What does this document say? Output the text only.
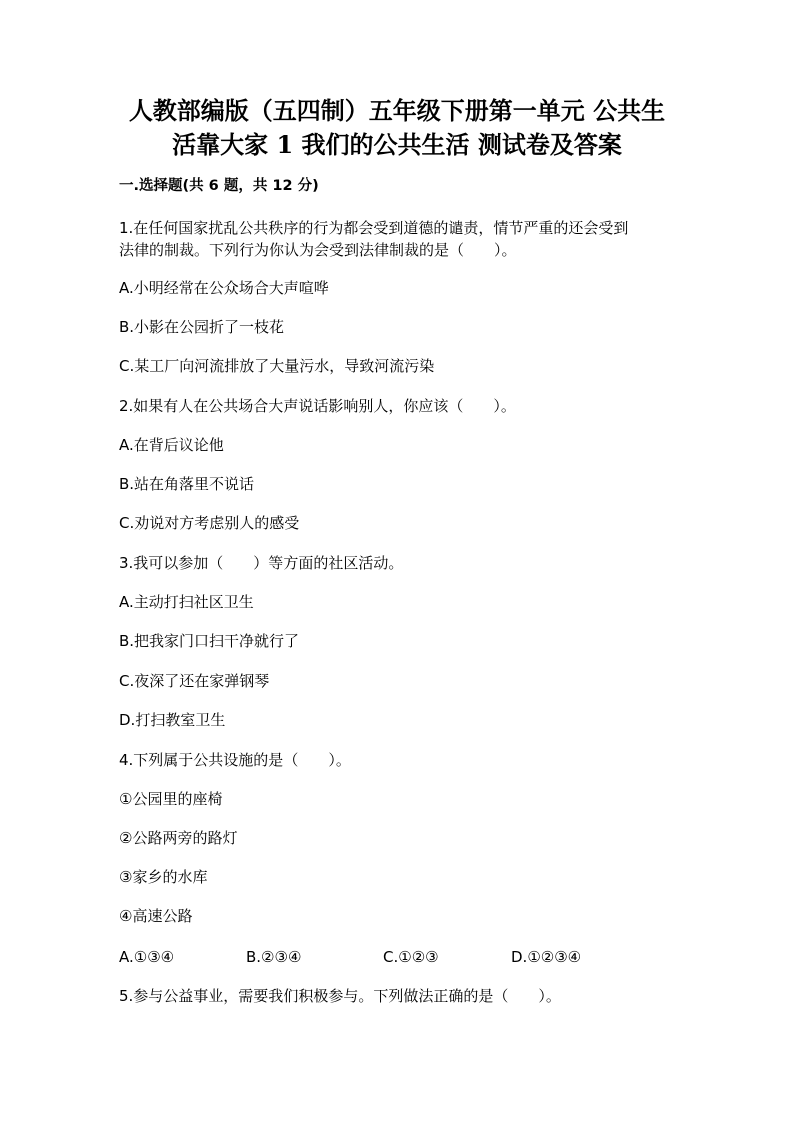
人教部编版（五四制）五年级下册第一单元 公共生
活靠大家 1 我们的公共生活 测试卷及答案
一.选择题(共 6 题，共 12 分)
1.在任何国家扰乱公共秩序的行为都会受到道德的谴责，情节严重的还会受到
法律的制裁。下列行为你认为会受到法律制裁的是（　　）。
A.小明经常在公众场合大声喧哗
B.小影在公园折了一枝花
C.某工厂向河流排放了大量污水，导致河流污染
2.如果有人在公共场合大声说话影响别人，你应该（　　）。
A.在背后议论他
B.站在角落里不说话
C.劝说对方考虑别人的感受
3.我可以参加（　　）等方面的社区活动。
A.主动打扫社区卫生
B.把我家门口扫干净就行了
C.夜深了还在家弹钢琴
D.打扫教室卫生
4.下列属于公共设施的是（　　）。
①公园里的座椅
②公路两旁的路灯
③家乡的水库
④高速公路
A.①③④	B.②③④	C.①②③	D.①②③④
5.参与公益事业，需要我们积极参与。下列做法正确的是（　　）。
